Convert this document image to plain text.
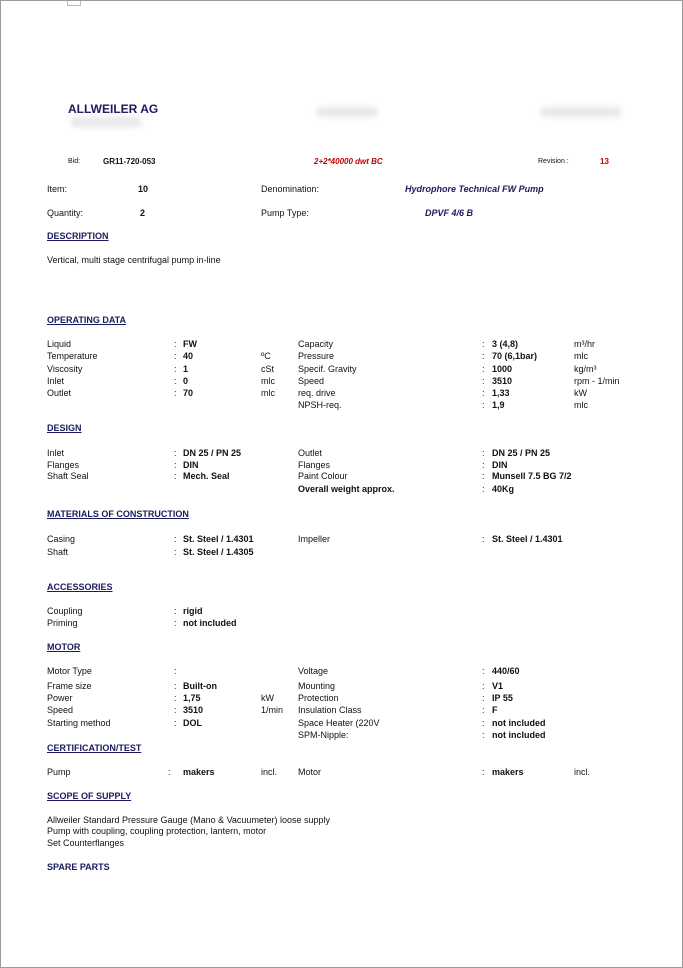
ALLWEILER AG
Bid:	GR11-720-053	2+2*40000 dwt BC	Revision :	13
Item:	10	Denomination:	Hydrophore Technical FW Pump
Quantity:	2	Pump Type:	DPVF 4/6 B
DESCRIPTION
Vertical, multi stage centrifugal pump in-line
OPERATING DATA
Liquid	: FW
Temperature	: 40	ºC
Viscosity	: 1	cSt
Inlet	: 0	mlc
Outlet	: 70	mlc
Capacity	: 3 (4,8)	m³/hr
Pressure	: 70 (6,1bar)	mlc
Specif. Gravity	: 1000	kg/m³
Speed	: 3510	rpm - 1/min
req. drive	: 1,33	kW
NPSH-req.	: 1,9	mlc
DESIGN
Inlet	: DN 25 / PN 25
Flanges	: DIN
Shaft Seal	: Mech. Seal
Outlet	: DN 25 / PN 25
Flanges	: DIN
Paint Colour	: Munsell 7.5 BG 7/2
Overall weight approx.	: 40Kg
MATERIALS OF CONSTRUCTION
Casing	: St. Steel / 1.4301
Shaft	: St. Steel / 1.4305
Impeller	: St. Steel / 1.4301
ACCESSORIES
Coupling	: rigid
Priming	: not included
MOTOR
Motor Type	:
Frame size	: Built-on
Power	: 1,75	kW
Speed	: 3510	1/min
Starting method	: DOL
Voltage	: 440/60
Mounting	: V1
Protection	: IP 55
Insulation Class	: F
Space Heater (220V	: not included
SPM-Nipple:	: not included
CERTIFICATION/TEST
Pump	: makers	incl. Motor	: makers	incl.
SCOPE OF SUPPLY
Allweiler Standard Pressure Gauge (Mano & Vacuumeter) loose supply
Pump with coupling, coupling protection, lantern, motor
Set Counterflanges
SPARE PARTS
